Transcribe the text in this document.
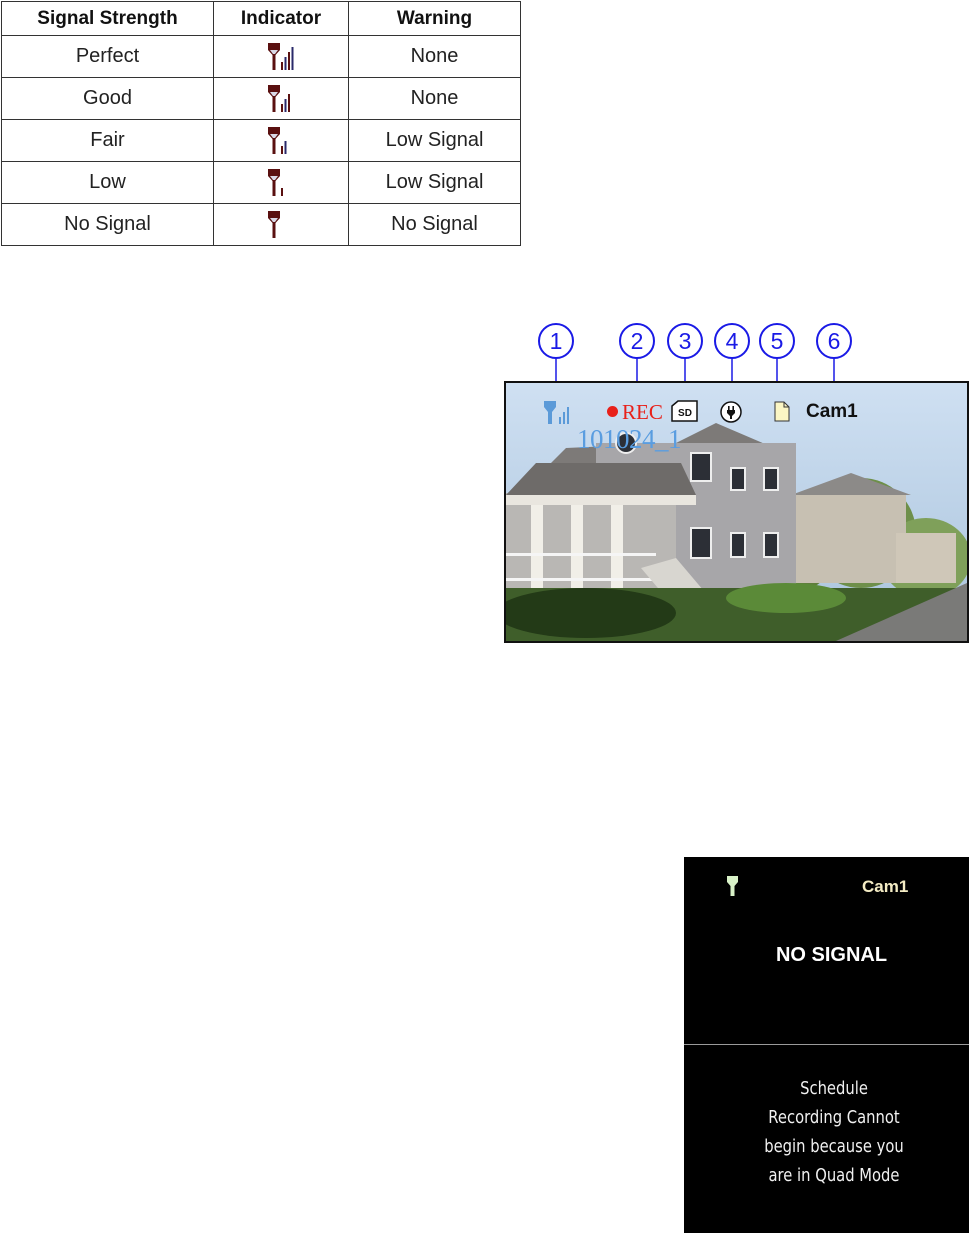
Signal Strength	Indicator	Warning
Perfect		None
Good		None
Fair		Low Signal
Low		Low Signal
No Signal		No Signal
1	2 3 4 5 6
REC SD	Cam1
101024_1
Cam1
NO SIGNAL
Schedule
Recording Cannot
begin because you
are in Quad Mode
